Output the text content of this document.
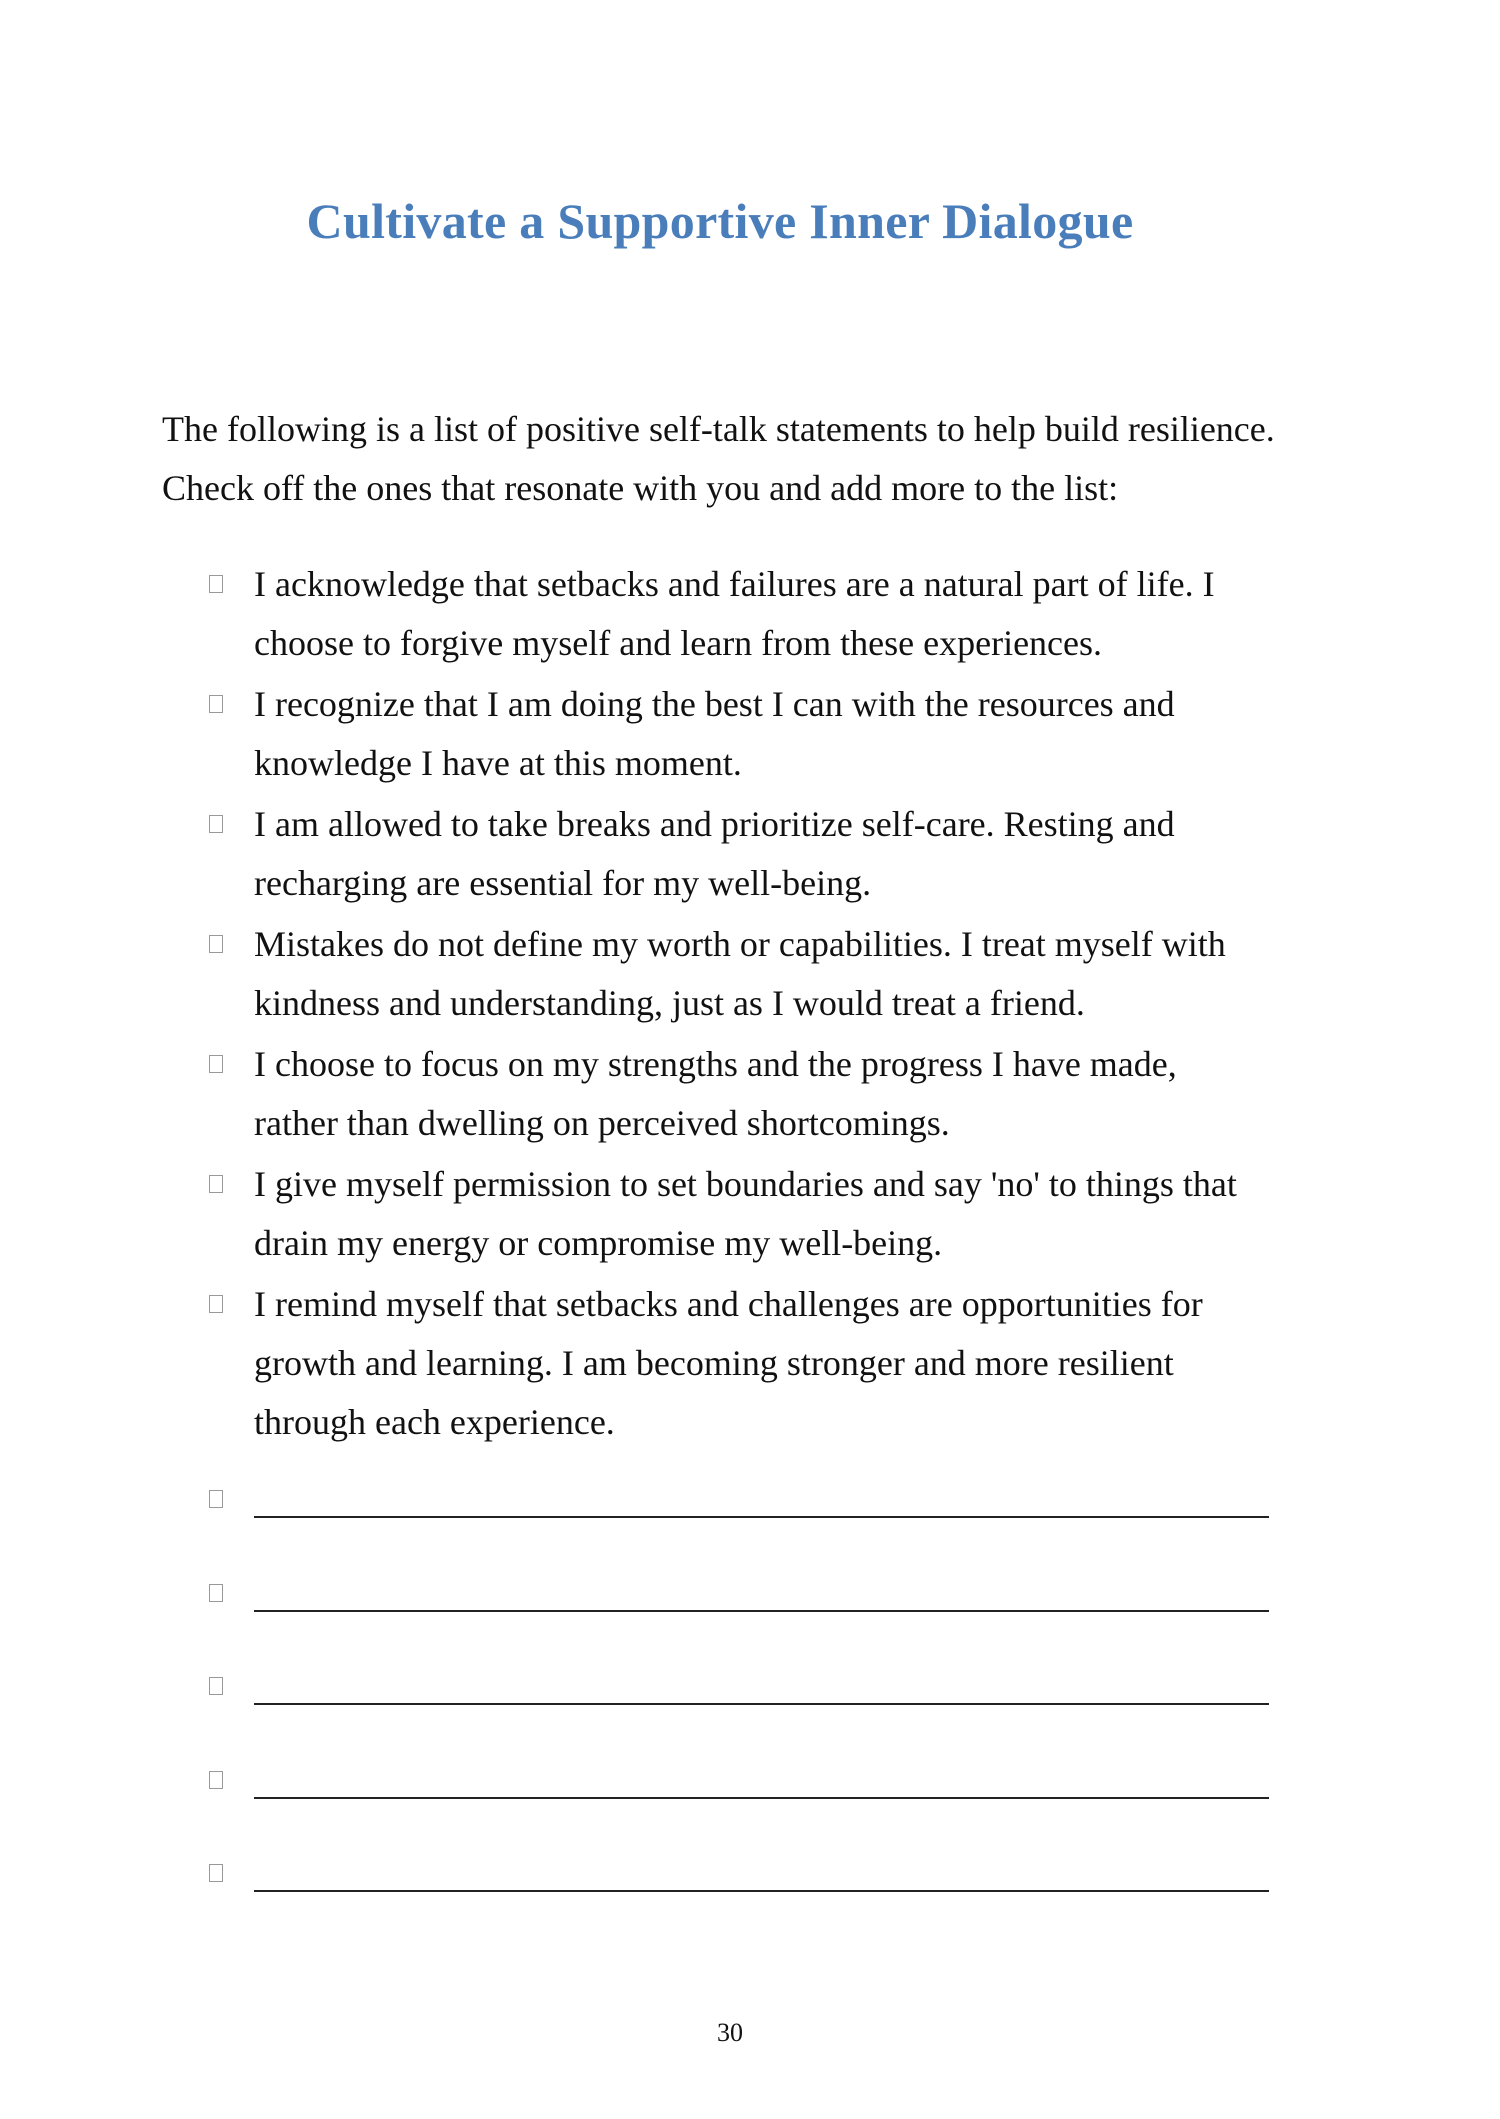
Cultivate a Supportive Inner Dialogue
The following is a list of positive self-talk statements to help build resilience.
Check off the ones that resonate with you and add more to the list:
I acknowledge that setbacks and failures are a natural part of life. I
choose to forgive myself and learn from these experiences.
I recognize that I am doing the best I can with the resources and
knowledge I have at this moment.
I am allowed to take breaks and prioritize self-care. Resting and
recharging are essential for my well-being.
Mistakes do not define my worth or capabilities. I treat myself with
kindness and understanding, just as I would treat a friend.
I choose to focus on my strengths and the progress I have made,
rather than dwelling on perceived shortcomings.
I give myself permission to set boundaries and say 'no' to things that
drain my energy or compromise my well-being.
I remind myself that setbacks and challenges are opportunities for
growth and learning. I am becoming stronger and more resilient
through each experience.
30
